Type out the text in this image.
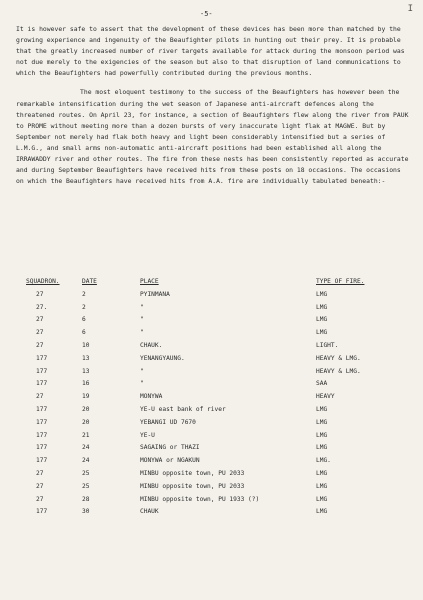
-5-	I

It is however safe to assert that the development of these devices has been more than matched by the growing experience and ingenuity of the Beaufighter pilots in hunting out their prey. It is probable that the greatly increased number of river targets available for attack during the monsoon period was not due merely to the exigencies of the season but also to that disruption of land communications to which the Beaufighters had powerfully contributed during the previous months.

The most eloquent testimony to the success of the Beaufighters has however been the remarkable intensification during the wet season of Japanese anti-aircraft defences along the threatened routes. On April 23, for instance, a section of Beaufighters flew along the river from PAUK to PROME without meeting more than a dozen bursts of very inaccurate light flak at MAGWE. But by September not merely had flak both heavy and light been considerably intensified but a series of L.M.G., and small arms non-automatic anti-aircraft positions had been established all along the IRRAWADDY river and other routes. The fire from these nests has been consistently reported as accurate and during September Beaufighters have received hits from these posts on 18 occasions. The occasions on which the Beaufighters have received hits from A.A. fire are individually tabulated beneath:-

SQUADRON.	DATE	PLACE	TYPE OF FIRE.
27	2	PYINMANA	LMG
27.	2	"	LMG
27	6	"	LMG
27	6	"	LMG
27	10	CHAUK.	LIGHT.
177	13	YENANGYAUNG.	HEAVY & LMG.
177	13	"	HEAVY & LMG.
177	16	"	SAA
27	19	MONYWA	HEAVY
177	20	YE-U east bank of river	LMG
177	20	YEBANGI UD 7670	LMG
177	21	YE-U	LMG
177	24	SAGAING or THAZI	LMG
177	24	MONYWA or NGAKUN	LMG.
27	25	MINBU opposite town, PU 2033	LMG
27	25	MINBU opposite town, PU 2033	LMG
27	28	MINBU opposite town, PU 1933 (?)	LMG
177	30	CHAUK	LMG
